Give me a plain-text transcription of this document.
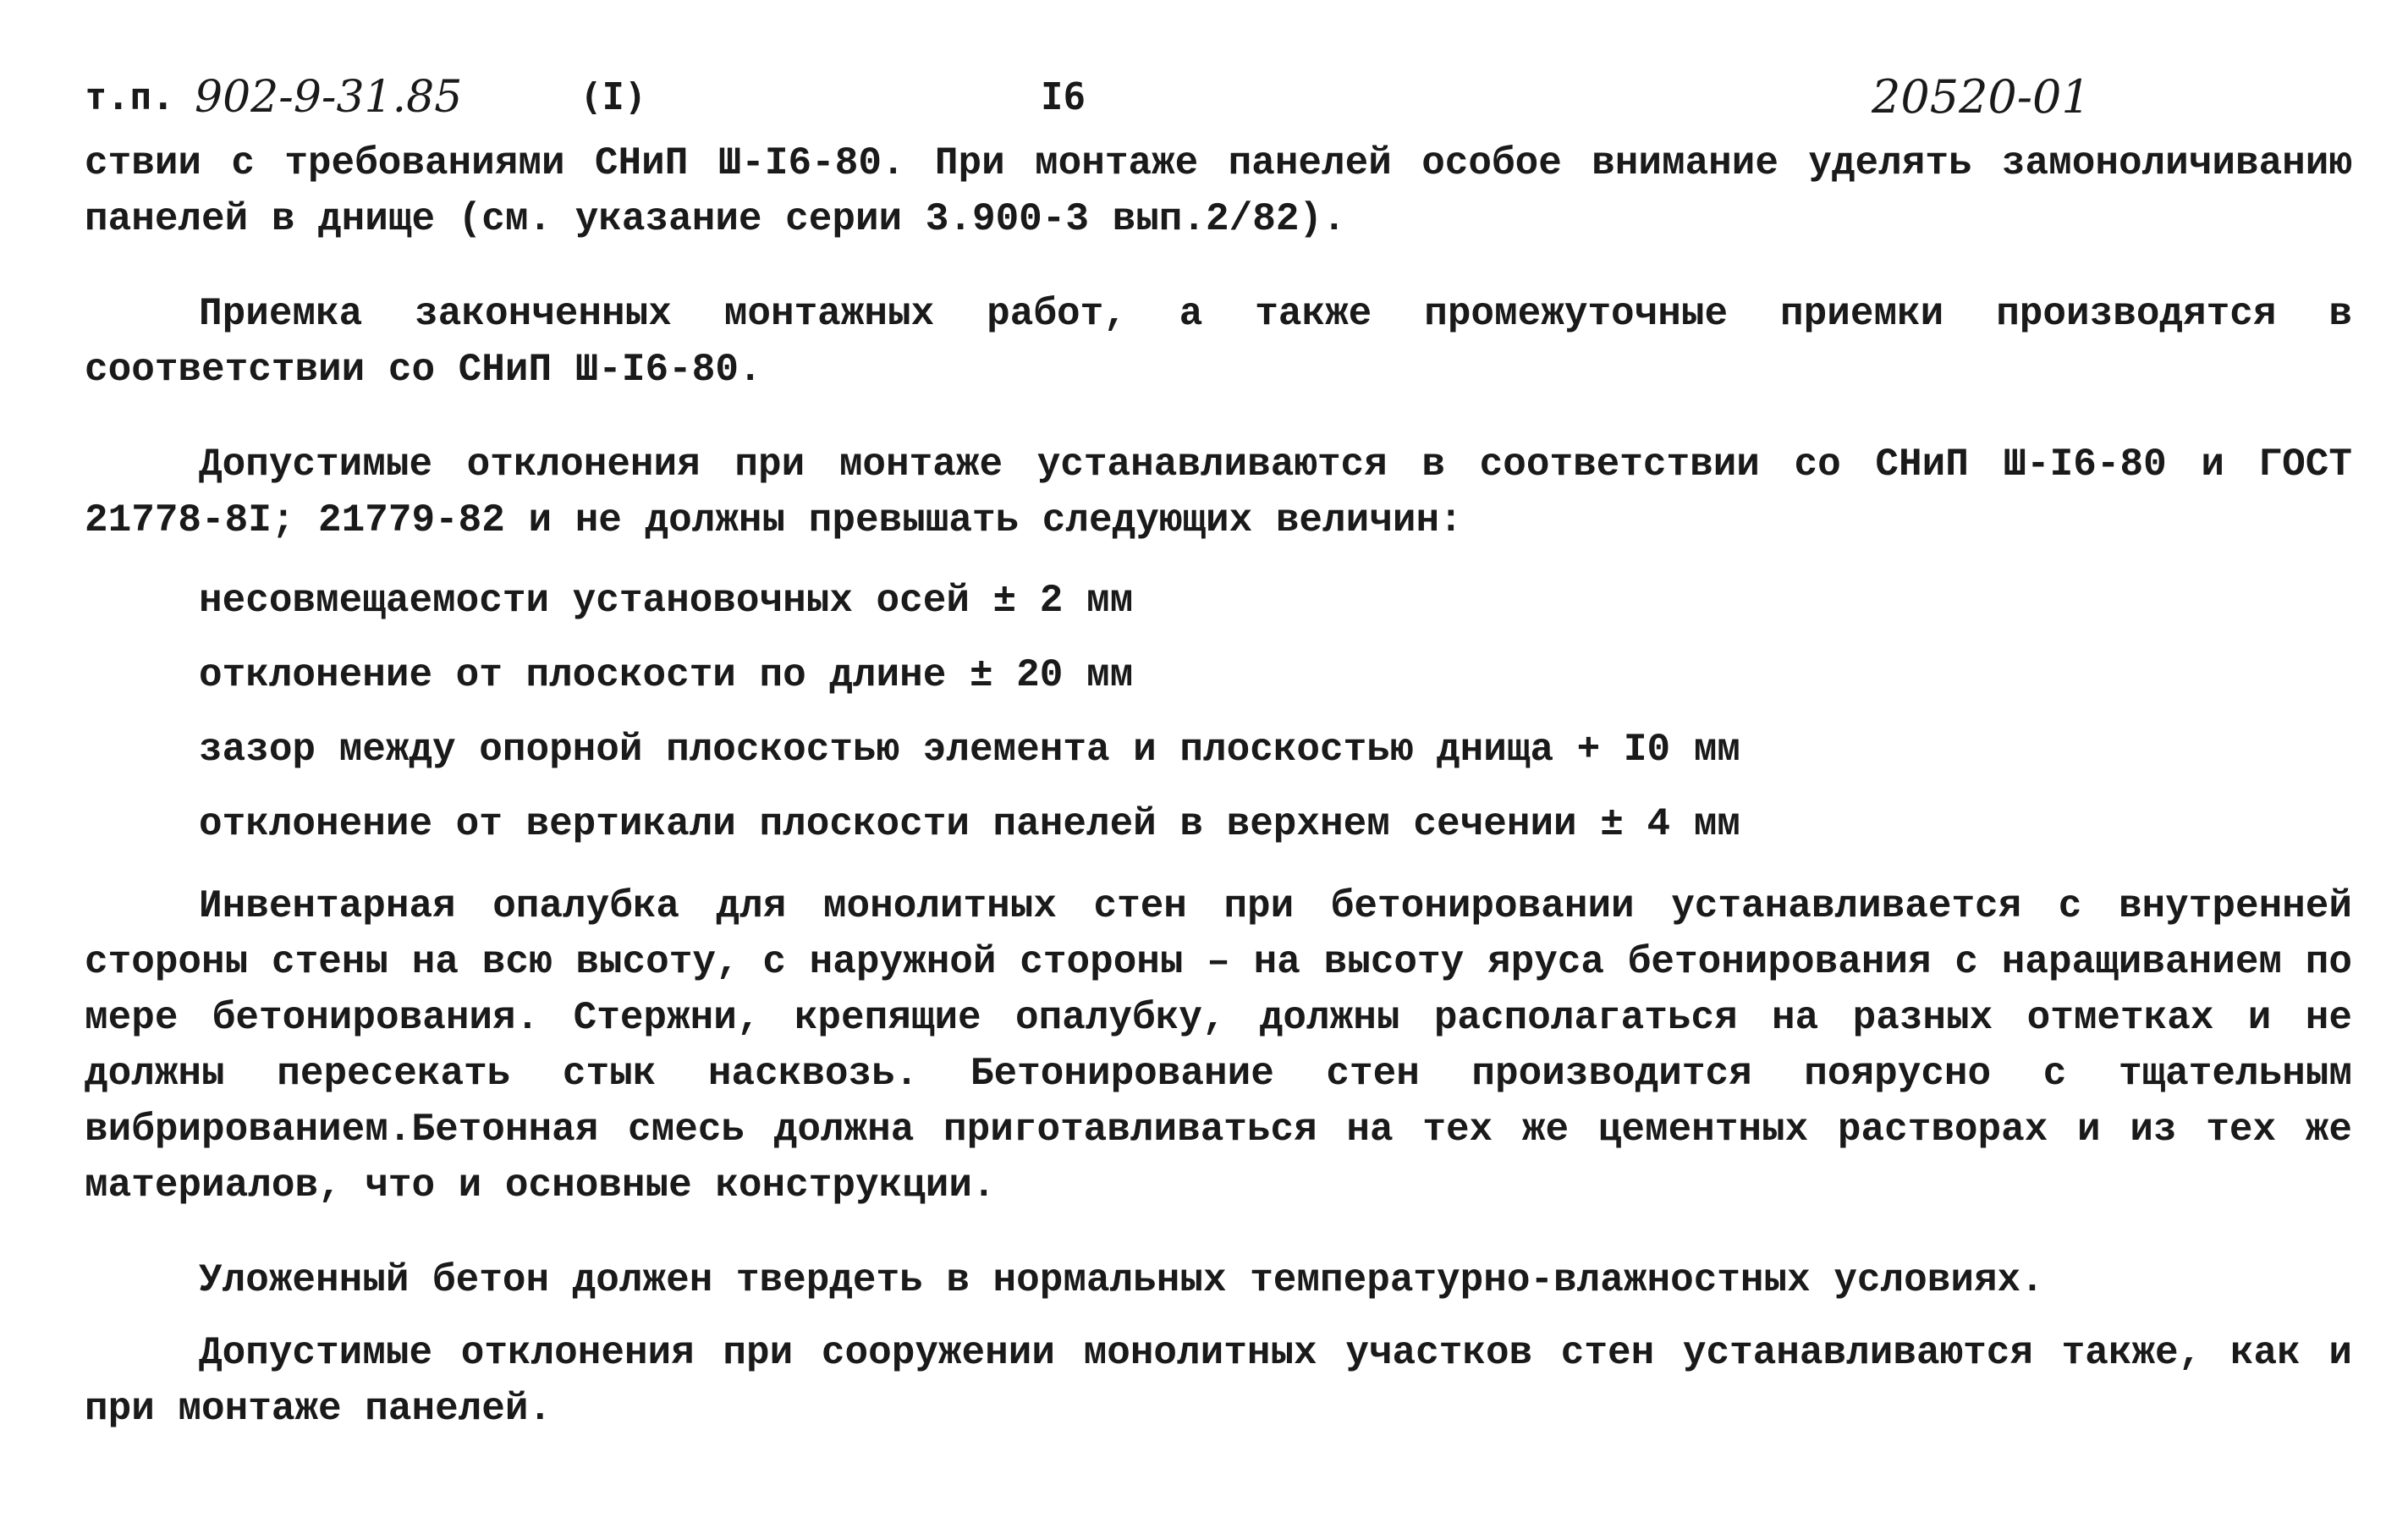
т.п. 902-9-31.85	(I)	I6	20520-01

ствии с требованиями СНиП Ш-I6-80. При монтаже панелей особое внимание уделять замоноличиванию панелей в днище (см. указание серии 3.900-3 вып.2/82).

Приемка законченных монтажных работ, а также промежуточные приемки производятся в соответствии со СНиП Ш-I6-80.

Допустимые отклонения при монтаже устанавливаются в соответствии со СНиП Ш-I6-80 и ГОСТ 21778-8I; 21779-82 и не должны превышать следующих величин:

несовмещаемости установочных осей ± 2 мм

отклонение от плоскости по длине ± 20 мм

зазор между опорной плоскостью элемента и плоскостью днища + I0 мм

отклонение от вертикали плоскости панелей в верхнем сечении ± 4 мм

Инвентарная опалубка для монолитных стен при бетонировании устанавливается с внутренней стороны стены на всю высоту, с наружной стороны – на высоту яруса бетонирования с наращиванием по мере бетонирования. Стержни, крепящие опалубку, должны располагаться на разных отметках и не должны пересекать стык насквозь. Бетонирование стен производится поярусно с тщательным вибрированием.Бетонная смесь должна приготавливаться на тех же цементных растворах и из тех же материалов, что и основные конструкции.

Уложенный бетон должен твердеть в нормальных температурно-влажностных условиях.

Допустимые отклонения при сооружении монолитных участков стен устанавливаются также, как и при монтаже панелей.
